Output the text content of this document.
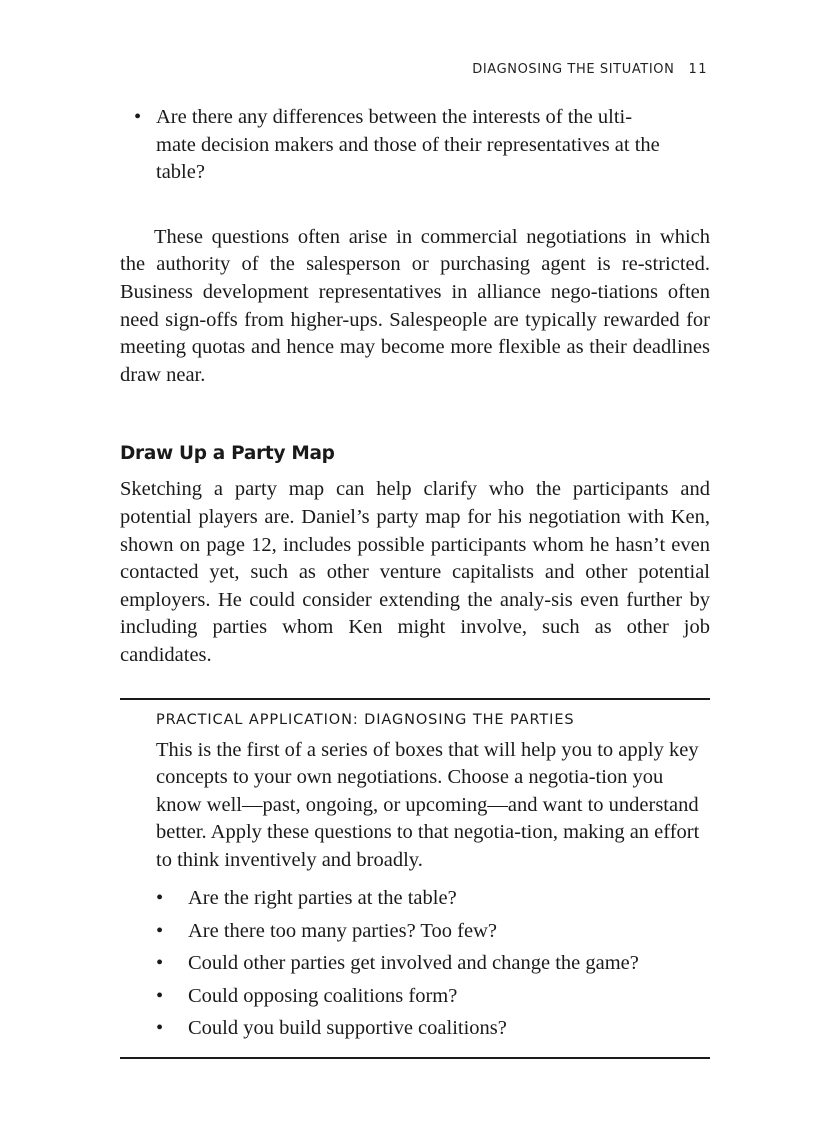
DIAGNOSING THE SITUATION 11
• Are there any differences between the interests of the ulti-mate decision makers and those of their representatives at the table?

These questions often arise in commercial negotiations in which the authority of the salesperson or purchasing agent is re-stricted. Business development representatives in alliance nego-tiations often need sign-offs from higher-ups. Salespeople are typically rewarded for meeting quotas and hence may become more flexible as their deadlines draw near.

Draw Up a Party Map

Sketching a party map can help clarify who the participants and potential players are. Daniel’s party map for his negotiation with Ken, shown on page 12, includes possible participants whom he hasn’t even contacted yet, such as other venture capitalists and other potential employers. He could consider extending the analy-sis even further by including parties whom Ken might involve, such as other job candidates.

PRACTICAL APPLICATION: DIAGNOSING THE PARTIES

This is the first of a series of boxes that will help you to apply key concepts to your own negotiations. Choose a negotia-tion you know well—past, ongoing, or upcoming—and want to understand better. Apply these questions to that negotia-tion, making an effort to think inventively and broadly.

• Are the right parties at the table?
• Are there too many parties? Too few?
• Could other parties get involved and change the game?
• Could opposing coalitions form?
• Could you build supportive coalitions?
